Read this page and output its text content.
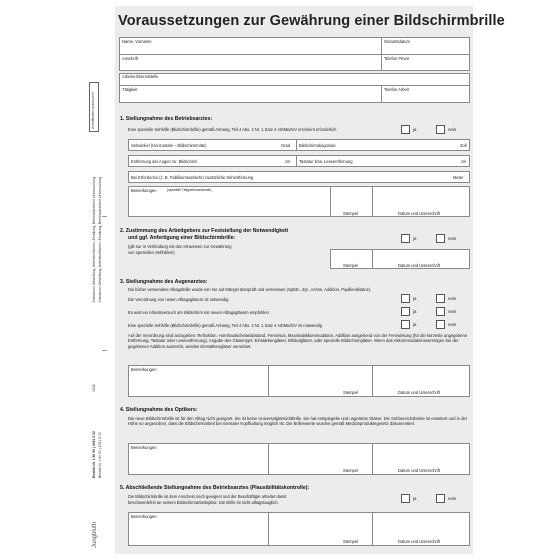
Voraussetzungen zur Gewährung einer Bildschirmbrille
Zutreffendes ankreuzen!
Handbuch, Bestellung, Arbeitsverfahren, Erhaltung, Betriebsärztliche Untersuchung Handbuch, Bestellung, Arbeitsverfahren, Erhaltung, Betriebsärztliche Untersuchung
Bestell-Nr. 1 60 50 | 2051 5 02 Bestell-Nr. 1 60 50 | 2051 5 02
1608
Jungbluth
Name, Vorname	Geburtsdatum
Anschrift	Telefon Privat
Arbeits-/Dienststelle
Tätigkeit	Telefon Arbeit
1. Stellungnahme des Betriebsarztes:
Eine spezielle Sehhilfe (Bildschirmbrille) gemäß Anhang, Teil 4 Abs. 2 Nr. 1 Satz 4 ArbMedVV erscheint erforderlich	ja	nein
Sehwinkel (Horizontale – Bildschirmmitte)	Grad Bildschirmdiagonale	Zoll
Entfernung der Augen zu: Bildschirm	cm Tastatur bzw. Leseentfernung	cm
Bei Erfordernis (z. B. Publikumsverkehr) zusätzliche Sehentfernung	Meter
Bemerkungen	(spezielle Tätigkeitsmerkmale)
Stempel	Datum und Unterschrift
2. Zustimmung des Arbeitgebers zur Feststellung der Notwendigkeit
und ggf. Anfertigung einer Bildschirmbrille:
(gilt nur in Verbindung mit den Hinweisen zur Gewährung
von speziellen Sehhilfen!)
ja	nein
Stempel	Datum und Unterschrift
3. Stellungnahme des Augenarztes:
Die bisher verwendete Alltagsbrille wurde von mir auf Mängel überprüft und vermessen (Sphär., Zyl., Achse, Addition, Pupillendistanz).
Die Verordnung von neuen Alltagsgläsern ist notwendig	ja	nein
Es wird ein Arbeitsversuch am Bildschirm mit neuen Alltagsgläsern empfohlen	ja	nein
Eine spezielle Sehhilfe (Bildschirmbrille) gemäß Anhang, Teil 4 Abs. 2 Nr. 1 Satz 4 ArbMedVV ist notwendig	ja	nein
Auf der Verordnung sind anzugeben: Refraktion, Hornhautscheitelabstand, Fernvisus, Maximalakkommodation, Addition ausgehend von der Fernwirkung (für die kürzeste angegebene Entfernung, Tastatur oder Leseentfernung). Angabe des Glasertyps: Einstärkengläser, Bifokalgläser, oder spezielle Bildschirmgläser. Wenn das Akkommodationsvermögen bei der gegebenen Addition ausreicht, werden Einstärkengläser verordnet.
Bemerkungen
Stempel	Datum und Unterschrift
4. Stellungnahme des Optikers:
Die neue Bildschirmbrille ist für den Alltag nicht geeignet. Sie ist keine Universalgleitsichtbrille. Sie hat entspiegelte und ungetönte Gläser. Die Sehbereichsbreite ist erweitert und in der Höhe so angeordnet, dass die Bildschirmarbeit bei normaler Kopfhaltung möglich ist. Die Brillenwerte wurden gemäß Medizinproduktegesetz dokumentiert.
Bemerkungen
Stempel	Datum und Unterschrift
5. Abschließende Stellungnahme des Betriebsarztes (Plausibilitätskontrolle):
Die Bildschirmbrille ist dem Anschein nach geeignet und der Beschäftigte arbeitet damit
beschwerdefrei an seinem Bildschirmarbeitsplatz. Die Brille ist nicht alltagstauglich.
ja	nein
Bemerkungen
Stempel	Datum und Unterschrift
